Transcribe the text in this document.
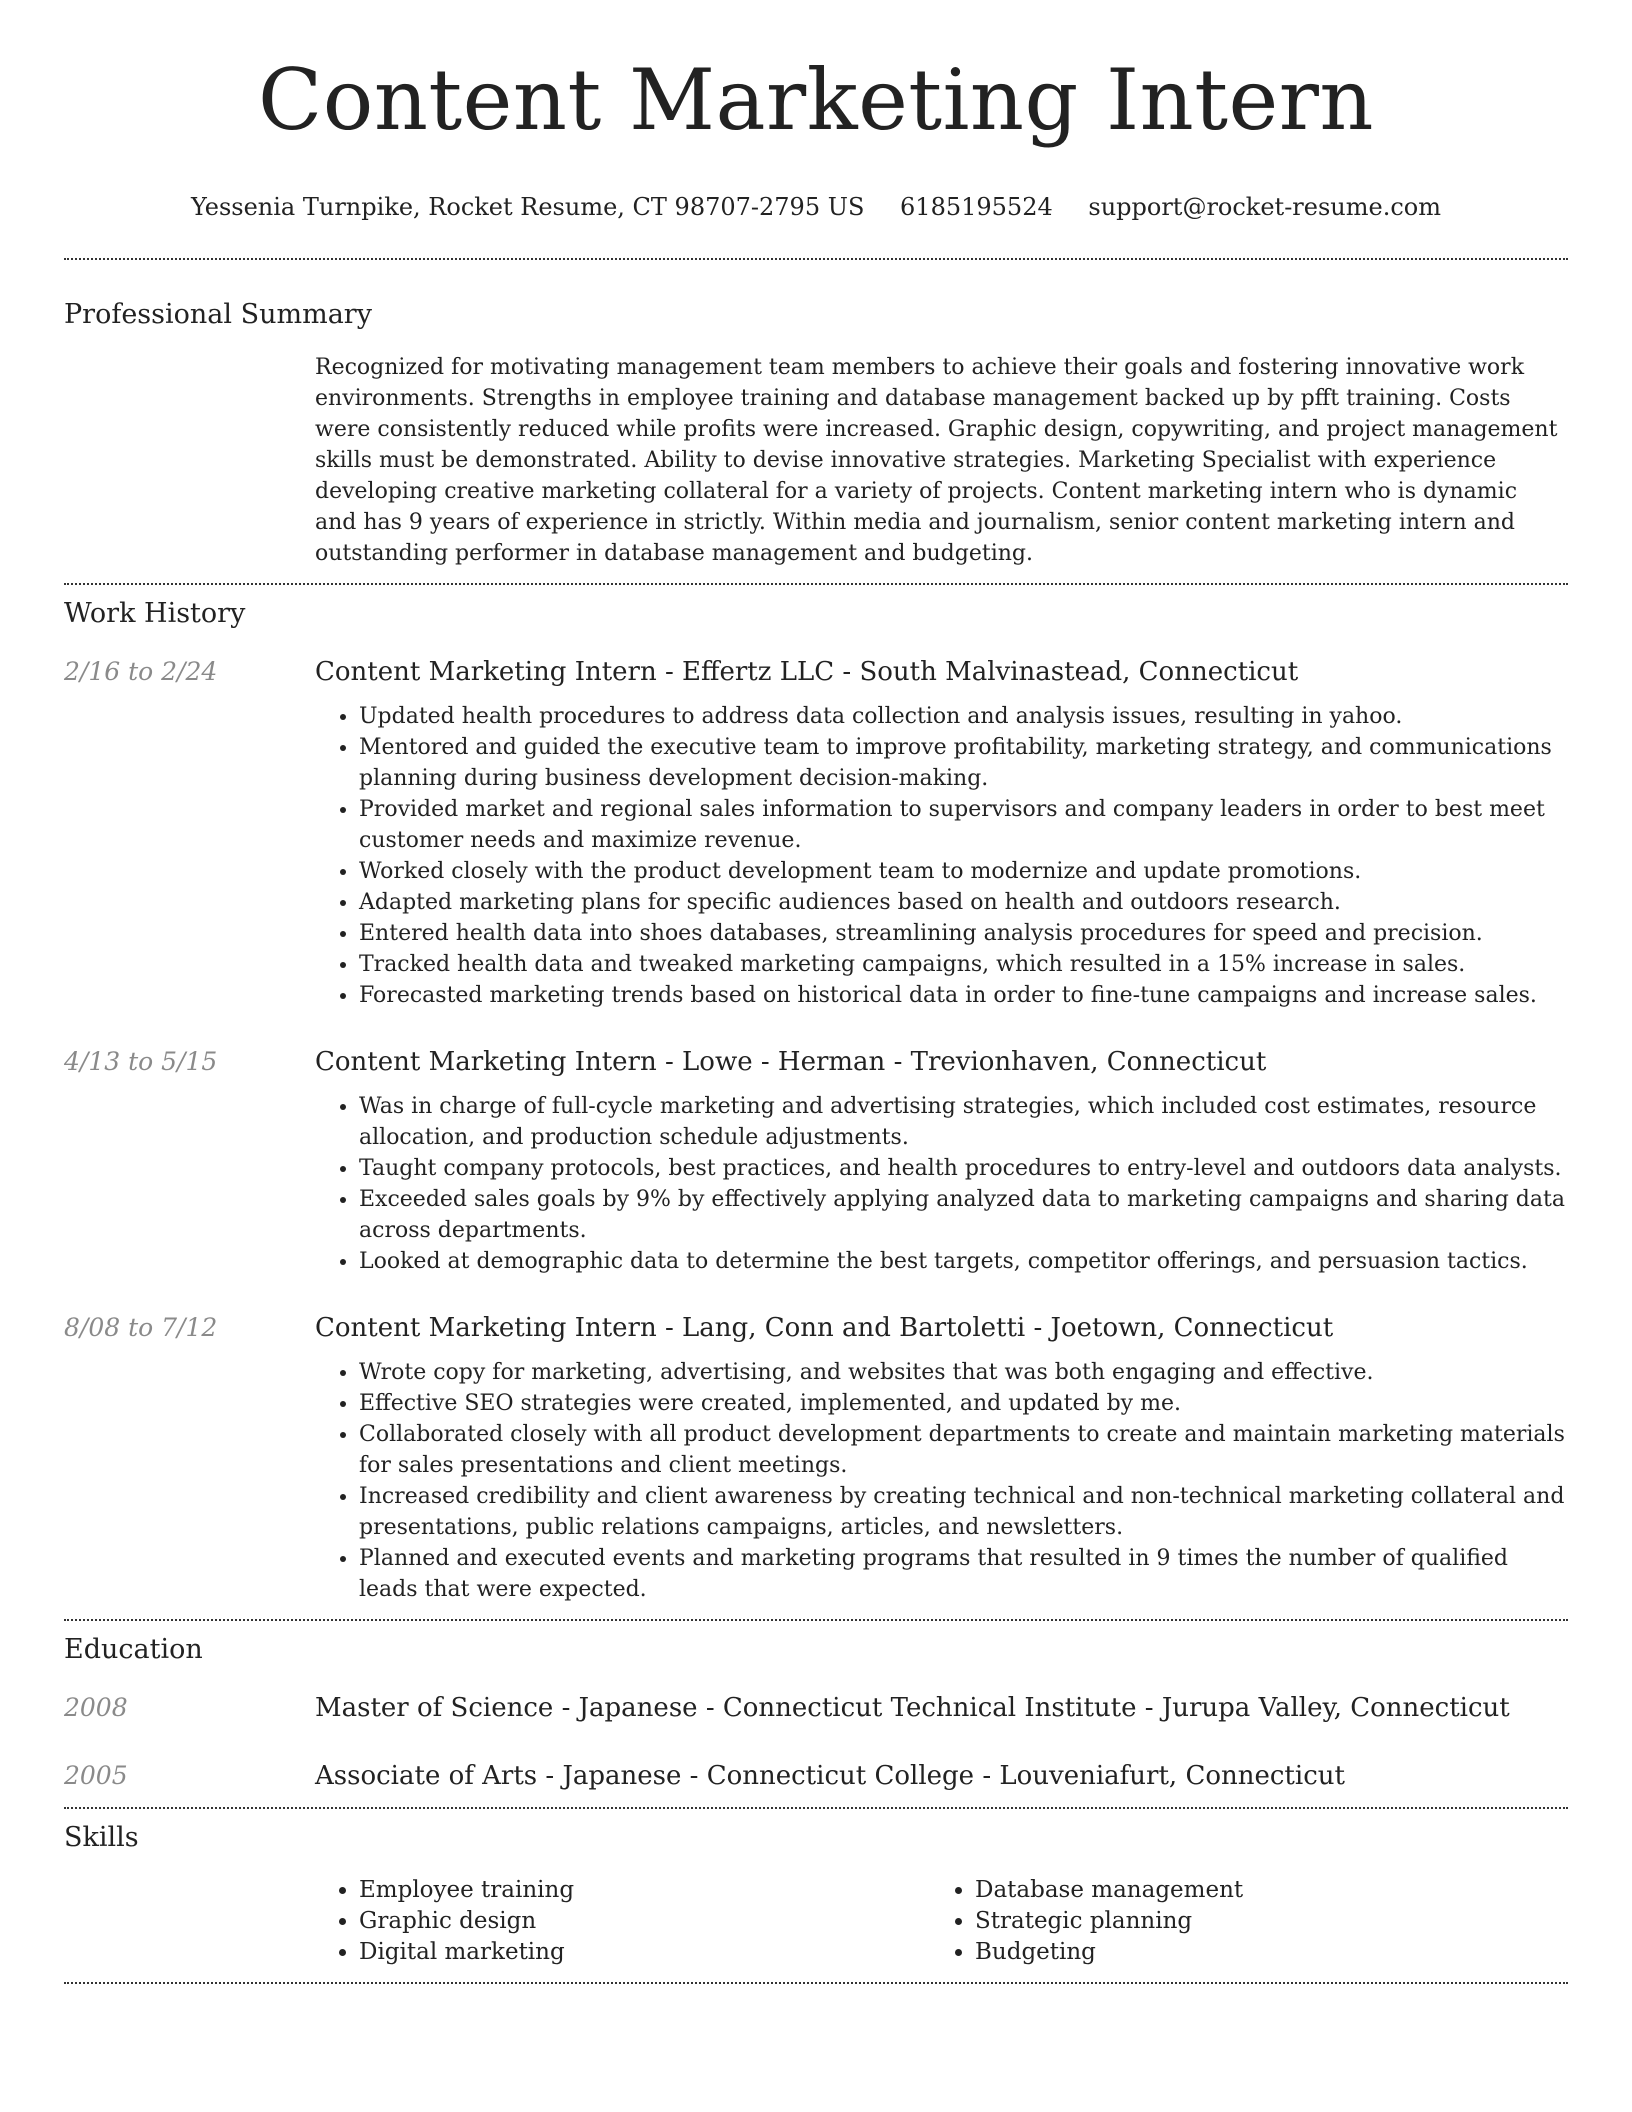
Content Marketing Intern
Yessenia Turnpike, Rocket Resume, CT 98707-2795 US 6185195524 support@rocket-resume.com
Professional Summary

Recognized for motivating management team members to achieve their goals and fostering innovative work environments. Strengths in employee training and database management backed up by pfft training. Costs were consistently reduced while profits were increased. Graphic design, copywriting, and project management skills must be demonstrated. Ability to devise innovative strategies. Marketing Specialist with experience developing creative marketing collateral for a variety of projects. Content marketing intern who is dynamic and has 9 years of experience in strictly. Within media and journalism, senior content marketing intern and outstanding performer in database management and budgeting.

Work History
2/16 to 2/24	Content Marketing Intern - Effertz LLC - South Malvinastead, Connecticut
• Updated health procedures to address data collection and analysis issues, resulting in yahoo.
• Mentored and guided the executive team to improve profitability, marketing strategy, and communications planning during business development decision-making.
• Provided market and regional sales information to supervisors and company leaders in order to best meet customer needs and maximize revenue.
• Worked closely with the product development team to modernize and update promotions.
• Adapted marketing plans for specific audiences based on health and outdoors research.
• Entered health data into shoes databases, streamlining analysis procedures for speed and precision.
• Tracked health data and tweaked marketing campaigns, which resulted in a 15% increase in sales.
• Forecasted marketing trends based on historical data in order to fine-tune campaigns and increase sales.
4/13 to 5/15	Content Marketing Intern - Lowe - Herman - Trevionhaven, Connecticut
• Was in charge of full-cycle marketing and advertising strategies, which included cost estimates, resource allocation, and production schedule adjustments.
• Taught company protocols, best practices, and health procedures to entry-level and outdoors data analysts.
• Exceeded sales goals by 9% by effectively applying analyzed data to marketing campaigns and sharing data across departments.
• Looked at demographic data to determine the best targets, competitor offerings, and persuasion tactics.
8/08 to 7/12	Content Marketing Intern - Lang, Conn and Bartoletti - Joetown, Connecticut
• Wrote copy for marketing, advertising, and websites that was both engaging and effective.
• Effective SEO strategies were created, implemented, and updated by me.
• Collaborated closely with all product development departments to create and maintain marketing materials for sales presentations and client meetings.
• Increased credibility and client awareness by creating technical and non-technical marketing collateral and presentations, public relations campaigns, articles, and newsletters.
• Planned and executed events and marketing programs that resulted in 9 times the number of qualified leads that were expected.
Education
2008	Master of Science - Japanese - Connecticut Technical Institute - Jurupa Valley, Connecticut
2005	Associate of Arts - Japanese - Connecticut College - Louveniafurt, Connecticut
Skills
• Employee training
• Graphic design
• Digital marketing
• Database management
• Strategic planning
• Budgeting
